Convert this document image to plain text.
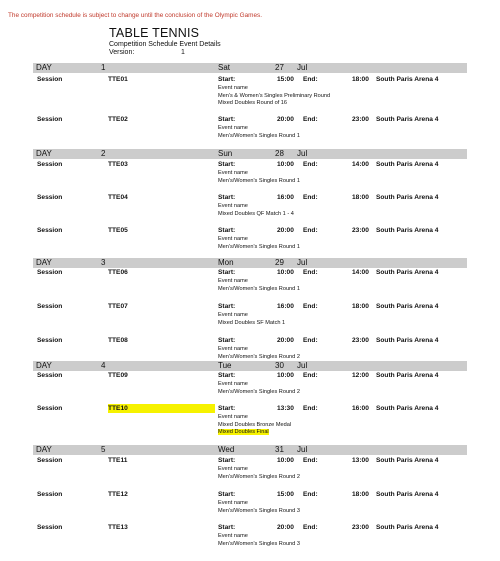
The competition schedule is subject to change until the conclusion of the Olympic Games.
TABLE TENNIS
Competition Schedule Event Details
Version:	1
DAY	1	Sat	27 Jul
Session	TTE01	Start:	15:00 End:	18:00 South Paris Arena 4
Event name
Men's & Women's Singles Preliminary Round
Mixed Doubles Round of 16
Session	TTE02	Start:	20:00 End:	23:00 South Paris Arena 4
Event name
Men's/Women's Singles Round 1
DAY	2	Sun	28 Jul
Session	TTE03	Start:	10:00 End:	14:00 South Paris Arena 4
Event name
Men's/Women's Singles Round 1
Session	TTE04	Start:	16:00 End:	18:00 South Paris Arena 4
Event name
Mixed Doubles QF Match 1 - 4
Session	TTE05	Start:	20:00 End:	23:00 South Paris Arena 4
Event name
Men's/Women's Singles Round 1
DAY	3	Mon	29 Jul
Session	TTE06	Start:	10:00 End:	14:00 South Paris Arena 4
Event name
Men's/Women's Singles Round 1
Session	TTE07	Start:	16:00 End:	18:00 South Paris Arena 4
Event name
Mixed Doubles SF Match 1
Session	TTE08	Start:	20:00 End:	23:00 South Paris Arena 4
Event name
Men's/Women's Singles Round 2
DAY	4	Tue	30 Jul
Session	TTE09	Start:	10:00 End:	12:00 South Paris Arena 4
Event name
Men's/Women's Singles Round 2
Session	TTE10	Start:	13:30 End:	16:00 South Paris Arena 4
Event name
Mixed Doubles Bronze Medal
Mixed Doubles Final
DAY	5	Wed	31 Jul
Session	TTE11	Start:	10:00 End:	13:00 South Paris Arena 4
Event name
Men's/Women's Singles Round 2
Session	TTE12	Start:	15:00 End:	18:00 South Paris Arena 4
Event name
Men's/Women's Singles Round 3
Session	TTE13	Start:	20:00 End:	23:00 South Paris Arena 4
Event name
Men's/Women's Singles Round 3
